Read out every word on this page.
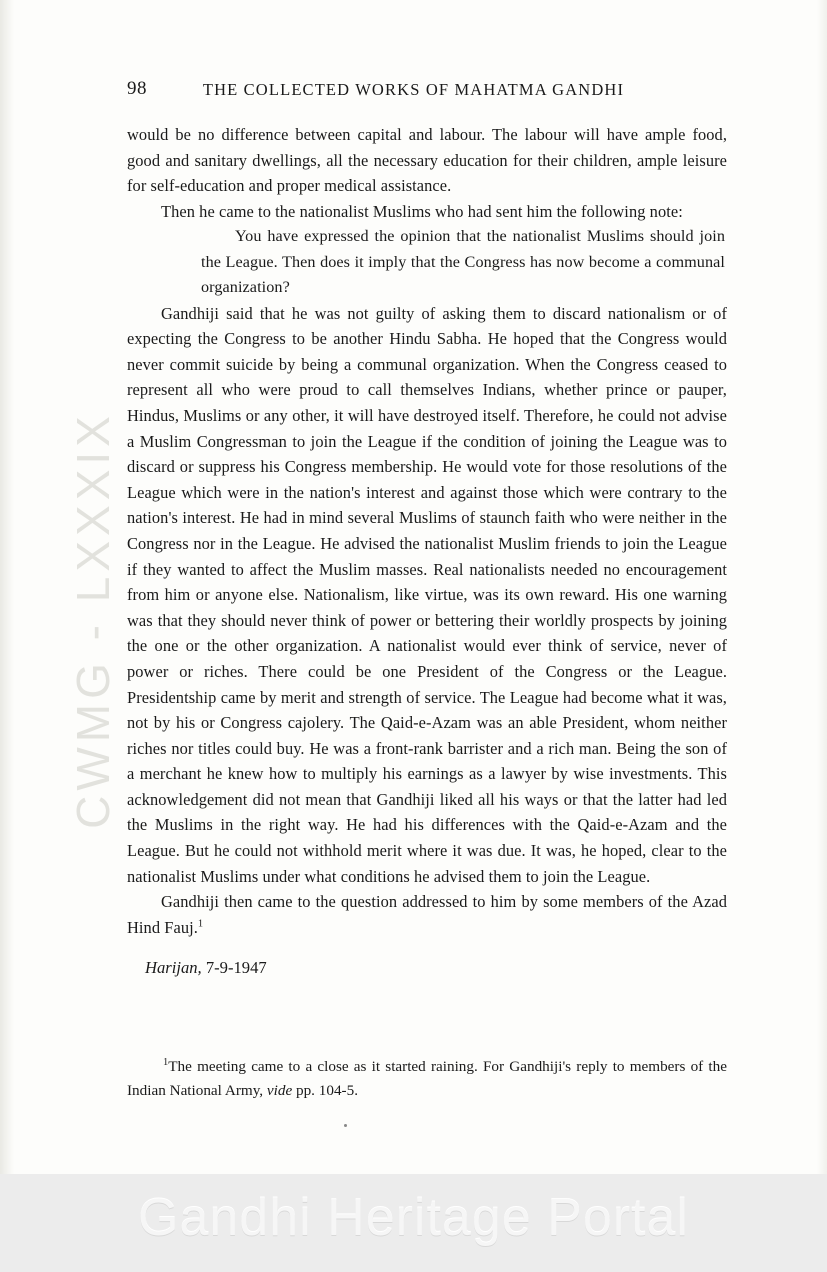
CWMG - LXXXIX
98	THE COLLECTED WORKS OF MAHATMA GANDHI

would be no difference between capital and labour. The labour will have ample food, good and sanitary dwellings, all the necessary education for their children, ample leisure for self-education and proper medical assistance.

Then he came to the nationalist Muslims who had sent him the following note:

You have expressed the opinion that the nationalist Muslims should join the League. Then does it imply that the Congress has now become a communal organization?

Gandhiji said that he was not guilty of asking them to discard nationalism or of expecting the Congress to be another Hindu Sabha. He hoped that the Congress would never commit suicide by being a communal organization. When the Congress ceased to represent all who were proud to call themselves Indians, whether prince or pauper, Hindus, Muslims or any other, it will have destroyed itself. Therefore, he could not advise a Muslim Congressman to join the League if the condition of joining the League was to discard or suppress his Congress membership. He would vote for those resolutions of the League which were in the nation's interest and against those which were contrary to the nation's interest. He had in mind several Muslims of staunch faith who were neither in the Congress nor in the League. He advised the nationalist Muslim friends to join the League if they wanted to affect the Muslim masses. Real nationalists needed no encouragement from him or anyone else. Nationalism, like virtue, was its own reward. His one warning was that they should never think of power or bettering their worldly prospects by joining the one or the other organization. A nationalist would ever think of service, never of power or riches. There could be one President of the Congress or the League. Presidentship came by merit and strength of service. The League had become what it was, not by his or Congress cajolery. The Qaid-e-Azam was an able President, whom neither riches nor titles could buy. He was a front-rank barrister and a rich man. Being the son of a merchant he knew how to multiply his earnings as a lawyer by wise investments. This acknowledgement did not mean that Gandhiji liked all his ways or that the latter had led the Muslims in the right way. He had his differences with the Qaid-e-Azam and the League. But he could not withhold merit where it was due. It was, he hoped, clear to the nationalist Muslims under what conditions he advised them to join the League.

Gandhiji then came to the question addressed to him by some members of the Azad Hind Fauj.$^1$

Harijan, 7-9-1947
$^1$The meeting came to a close as it started raining. For Gandhiji's reply to members of the Indian National Army, vide pp. 104-5.
Gandhi Heritage Portal
